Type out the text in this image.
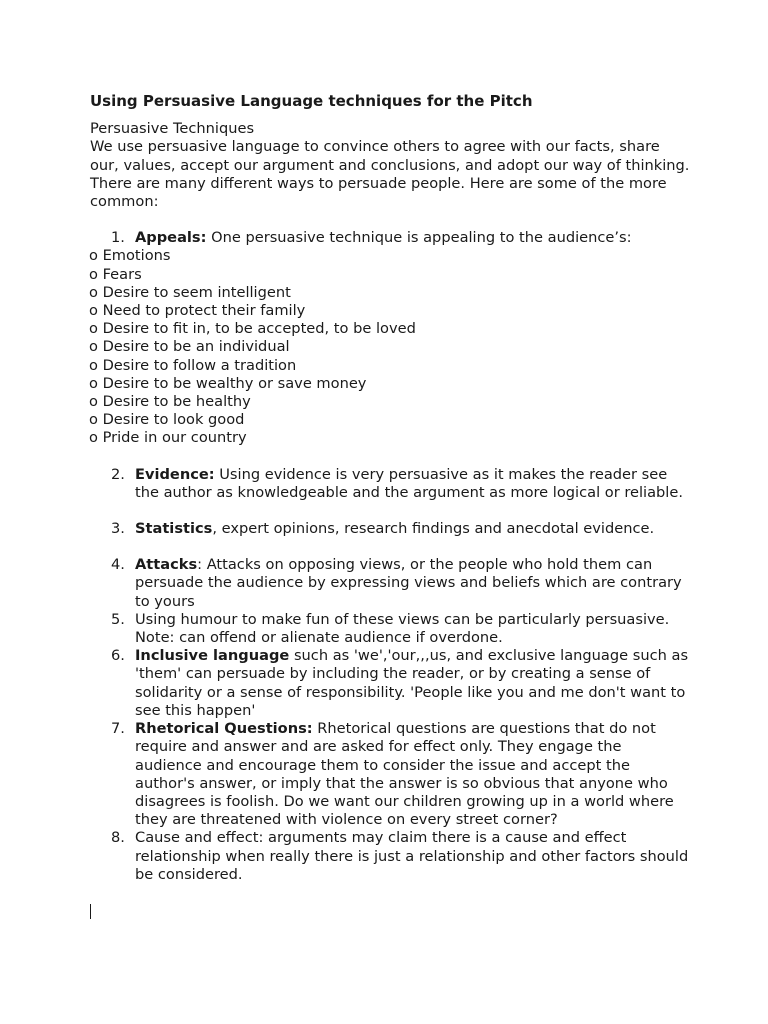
Using Persuasive Language techniques for the Pitch

Persuasive Techniques

We use persuasive language to convince others to agree with our facts, share our, values, accept our argument and conclusions, and adopt our way of thinking. There are many different ways to persuade people. Here are some of the more common:

1. Appeals: One persuasive technique is appealing to the audience’s:

o Emotions

o Fears

o Desire to seem intelligent

o Need to protect their family

o Desire to fit in, to be accepted, to be loved

o Desire to be an individual

o Desire to follow a tradition

o Desire to be wealthy or save money

o Desire to be healthy

o Desire to look good

o Pride in our country

2. Evidence: Using evidence is very persuasive as it makes the reader see the author as knowledgeable and the argument as more logical or reliable.
3. Statistics, expert opinions, research findings and anecdotal evidence.
4. Attacks: Attacks on opposing views, or the people who hold them can persuade the audience by expressing views and beliefs which are contrary to yours
5. Using humour to make fun of these views can be particularly persuasive. Note: can offend or alienate audience if overdone.
6. Inclusive language such as 'we','our,,,us, and exclusive language such as 'them' can persuade by including the reader, or by creating a sense of solidarity or a sense of responsibility. 'People like you and me don't want to see this happen'
7. Rhetorical Questions: Rhetorical questions are questions that do not require and answer and are asked for effect only. They engage the audience and encourage them to consider the issue and accept the author's answer, or imply that the answer is so obvious that anyone who disagrees is foolish. Do we want our children growing up in a world where they are threatened with violence on every street corner?
8. Cause and effect: arguments may claim there is a cause and effect relationship when really there is just a relationship and other factors should be considered.
